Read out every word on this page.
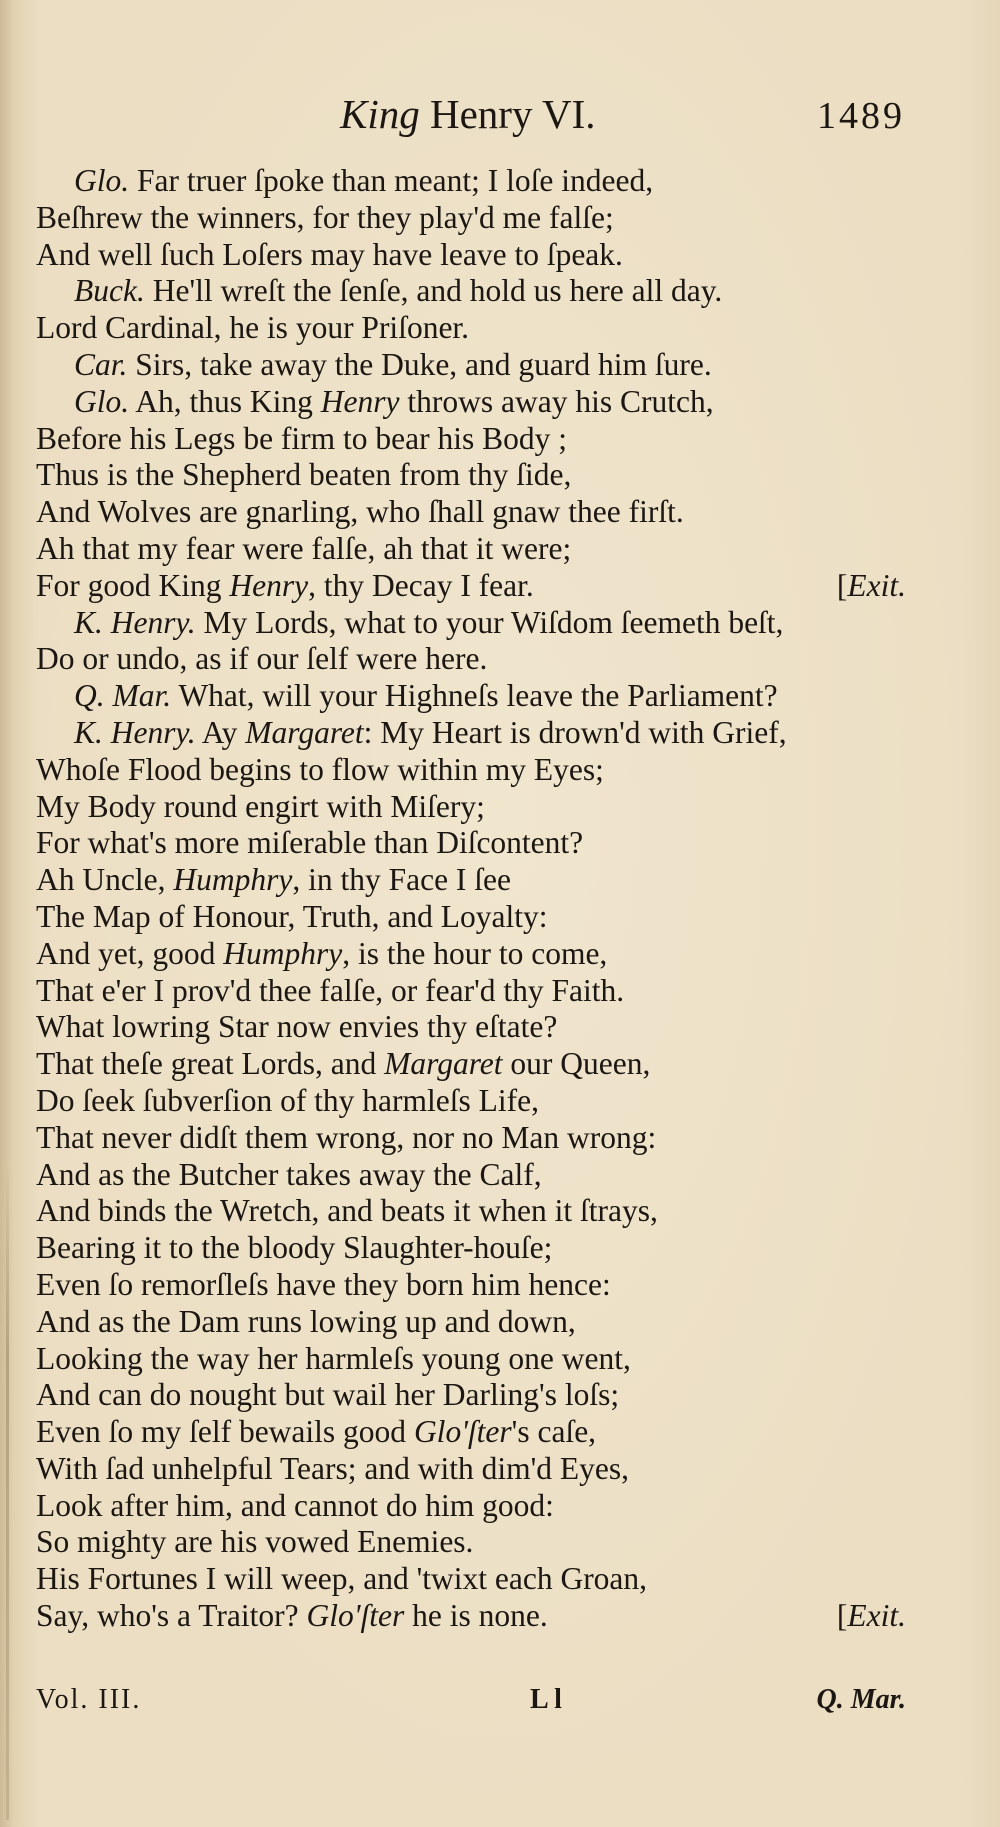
King Henry VI.	1489
Glo. Far truer ſpoke than meant; I loſe indeed,
Beſhrew the winners, for they play'd me falſe;
And well ſuch Loſers may have leave to ſpeak.
Buck. He'll wreſt the ſenſe, and hold us here all day.
Lord Cardinal, he is your Priſoner.
Car. Sirs, take away the Duke, and guard him ſure.
Glo. Ah, thus King Henry throws away his Crutch,
Before his Legs be firm to bear his Body ;
Thus is the Shepherd beaten from thy ſide,
And Wolves are gnarling, who ſhall gnaw thee firſt.
Ah that my fear were falſe, ah that it were;
For good King Henry, thy Decay I fear.	[Exit.
K. Henry. My Lords, what to your Wiſdom ſeemeth beſt,
Do or undo, as if our ſelf were here.
Q. Mar. What, will your Highneſs leave the Parliament?
K. Henry. Ay Margaret: My Heart is drown'd with Grief,
Whoſe Flood begins to flow within my Eyes;
My Body round engirt with Miſery;
For what's more miſerable than Diſcontent?
Ah Uncle, Humphry, in thy Face I ſee
The Map of Honour, Truth, and Loyalty:
And yet, good Humphry, is the hour to come,
That e'er I prov'd thee falſe, or fear'd thy Faith.
What lowring Star now envies thy eſtate?
That theſe great Lords, and Margaret our Queen,
Do ſeek ſubverſion of thy harmleſs Life,
That never didſt them wrong, nor no Man wrong:
And as the Butcher takes away the Calf,
And binds the Wretch, and beats it when it ſtrays,
Bearing it to the bloody Slaughter-houſe;
Even ſo remorſleſs have they born him hence:
And as the Dam runs lowing up and down,
Looking the way her harmleſs young one went,
And can do nought but wail her Darling's loſs;
Even ſo my ſelf bewails good Glo'ſter's caſe,
With ſad unhelpful Tears; and with dim'd Eyes,
Look after him, and cannot do him good:
So mighty are his vowed Enemies.
His Fortunes I will weep, and 'twixt each Groan,
Say, who's a Traitor? Glo'ſter he is none.	[Exit.
Vol. III.	L l	Q. Mar.
